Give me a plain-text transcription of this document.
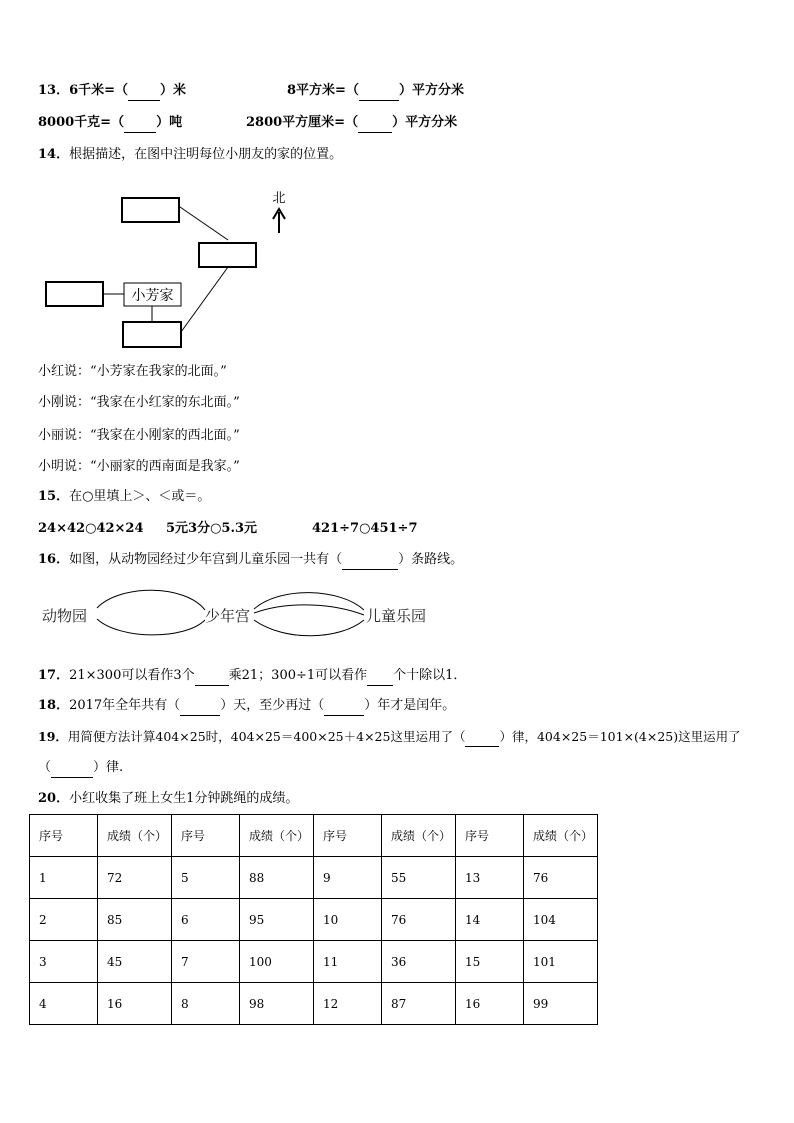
13．6千米=（ ）米	8平方米=（	）平方分米
8000千克=（ ）吨	2800平方厘米=（	）平方分米
14．根据描述，在图中注明每位小朋友的家的位置。
小芳家
北
小红说：“小芳家在我家的北面。”
小刚说：“我家在小红家的东北面。”
小丽说：“我家在小刚家的西北面。”
小明说：“小丽家的西南面是我家。”
15．在○里填上＞、＜或＝。
24×42○42×24 5元3分○5.3元	421÷7○451÷7
16．如图，从动物园经过少年宫到儿童乐园一共有（	）条路线。
动物园	少年宫	儿童乐园
17．21×300可以看作3个	乘21；300÷1可以看作 个十除以1．
18．2017年全年共有（	）天，至少再过（	）年才是闰年。
19．用简便方法计算404×25时，404×25＝400×25＋4×25这里运用了（	）律，404×25＝101×(4×25)这里运用了
（	）律.
20．小红收集了班上女生1分钟跳绳的成绩。
序号	成绩（个）	序号	成绩（个）	序号	成绩（个）	序号	成绩（个）
1	72	5	88	9	55	13	76
2	85	6	95	10	76	14	104
3	45	7	100	11	36	15	101
4	16	8	98	12	87	16	99
